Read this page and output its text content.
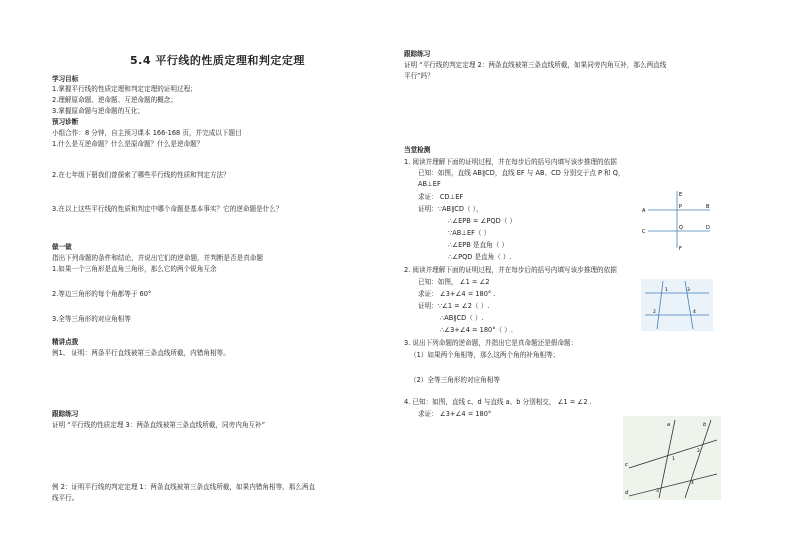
5.4 平行线的性质定理和判定定理
学习目标
1.掌握平行线的性质定理和判定定理的证明过程；
2.理解原命题、逆命题、互逆命题的概念；
3.掌握原命题与逆命题的互化；
预习诊断
小组合作：8 分钟，自主预习课本 166-168 页，并完成以下题目
1.什么是互逆命题？什么是原命题？什么是逆命题？
2.在七年级下册我们曾探索了哪些平行线的性质和判定方法？
3.在以上这些平行线的性质和判定中哪个命题是基本事实？它的逆命题是什么？
做一做
指出下列命题的条件和结论，并说出它们的逆命题，并判断是否是真命题
1.如果一个三角形是直角三角形，那么它的两个锐角互余
2.等边三角形的每个角都等于 60°
3.全等三角形的对应角相等
精讲点拨
例1、 证明：两条平行直线被第三条直线所截，内错角相等。
跟踪练习
证明 “平行线的性质定理 3：两条直线被第三条直线所截，同旁内角互补”
例 2：证明平行线的判定定理 1：两条直线被第三条直线所截，如果内错角相等，那么两直
线平行。
跟踪练习
证明 “平行线的判定定理 2：两条直线被第三条直线所截，如果同旁内角互补，那么两直线
平行”吗？
当堂检测
1. 阅读并理解下面的证明过程，并在每步后的括号内填写该步推理的依据
已知：如图，直线 AB∥CD，直线 EF 与 AB、CD 分别交于点 P 和 Q，
AB⊥EF
求证： CD⊥EF
证明：∵AB∥CD（ ），
∴∠EPB = ∠PQD（ ）
∵AB⊥EF（ ）
∴∠EPB 是直角（ ）
∴∠PQD 是直角（ ）.
E
A
P	B
C
Q	D
F
2. 阅读并理解下面的证明过程，并在每步后的括号内填写该步推理的依据
已知：如图， ∠1 = ∠2
求证： ∠3+∠4 = 180° .
证明：∵∠1 = ∠2（ ）.
∴AB∥CD（ ）.
∴∠3+∠4 = 180°（ ）.
1
2
3
4
3. 说出下列命题的逆命题，并指出它是真命题还是假命题：
（1）如果两个角相等，那么这两个角的补角相等；
（2）全等三角形的对应角相等
4. 已知：如图，直线 c、d 与直线 a、b 分别相交， ∠1 = ∠2 .
求证： ∠3+∠4 = 180°
a	b
c
d
1
2
3
4
